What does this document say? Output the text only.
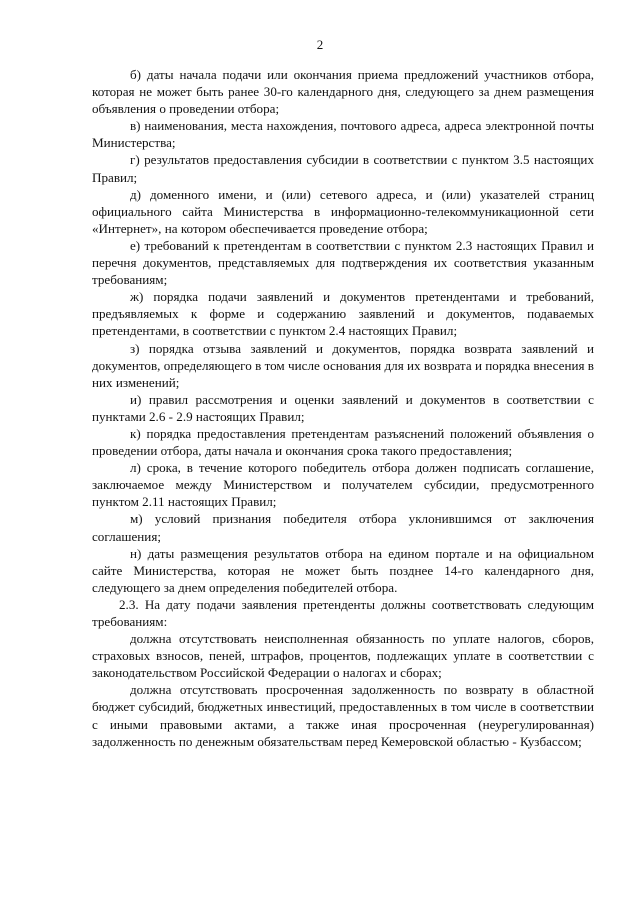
2

б) даты начала подачи или окончания приема предложений участников отбора, которая не может быть ранее 30-го календарного дня, следующего за днем размещения объявления о проведении отбора;

в) наименования, места нахождения, почтового адреса, адреса электронной почты Министерства;

г) результатов предоставления субсидии в соответствии с пунктом 3.5 настоящих Правил;

д) доменного имени, и (или) сетевого адреса, и (или) указателей страниц официального сайта Министерства в информационно-телекоммуникационной сети «Интернет», на котором обеспечивается проведение отбора;

е) требований к претендентам в соответствии с пунктом 2.3 настоящих Правил и перечня документов, представляемых для подтверждения их соответствия указанным требованиям;

ж) порядка подачи заявлений и документов претендентами и требований, предъявляемых к форме и содержанию заявлений и документов, подаваемых претендентами, в соответствии с пунктом 2.4 настоящих Правил;

з) порядка отзыва заявлений и документов, порядка возврата заявлений и документов, определяющего в том числе основания для их возврата и порядка внесения в них изменений;

и) правил рассмотрения и оценки заявлений и документов в соответствии с пунктами 2.6 - 2.9 настоящих Правил;

к) порядка предоставления претендентам разъяснений положений объявления о проведении отбора, даты начала и окончания срока такого предоставления;

л) срока, в течение которого победитель отбора должен подписать соглашение, заключаемое между Министерством и получателем субсидии, предусмотренного пунктом 2.11 настоящих Правил;

м) условий признания победителя отбора уклонившимся от заключения соглашения;

н) даты размещения результатов отбора на едином портале и на официальном сайте Министерства, которая не может быть позднее 14-го календарного дня, следующего за днем определения победителей отбора.

2.3. На дату подачи заявления претенденты должны соответствовать следующим требованиям:

должна отсутствовать неисполненная обязанность по уплате налогов, сборов, страховых взносов, пеней, штрафов, процентов, подлежащих уплате в соответствии с законодательством Российской Федерации о налогах и сборах;

должна отсутствовать просроченная задолженность по возврату в областной бюджет субсидий, бюджетных инвестиций, предоставленных в том числе в соответствии с иными правовыми актами, а также иная просроченная (неурегулированная) задолженность по денежным обязательствам перед Кемеровской областью - Кузбассом;
